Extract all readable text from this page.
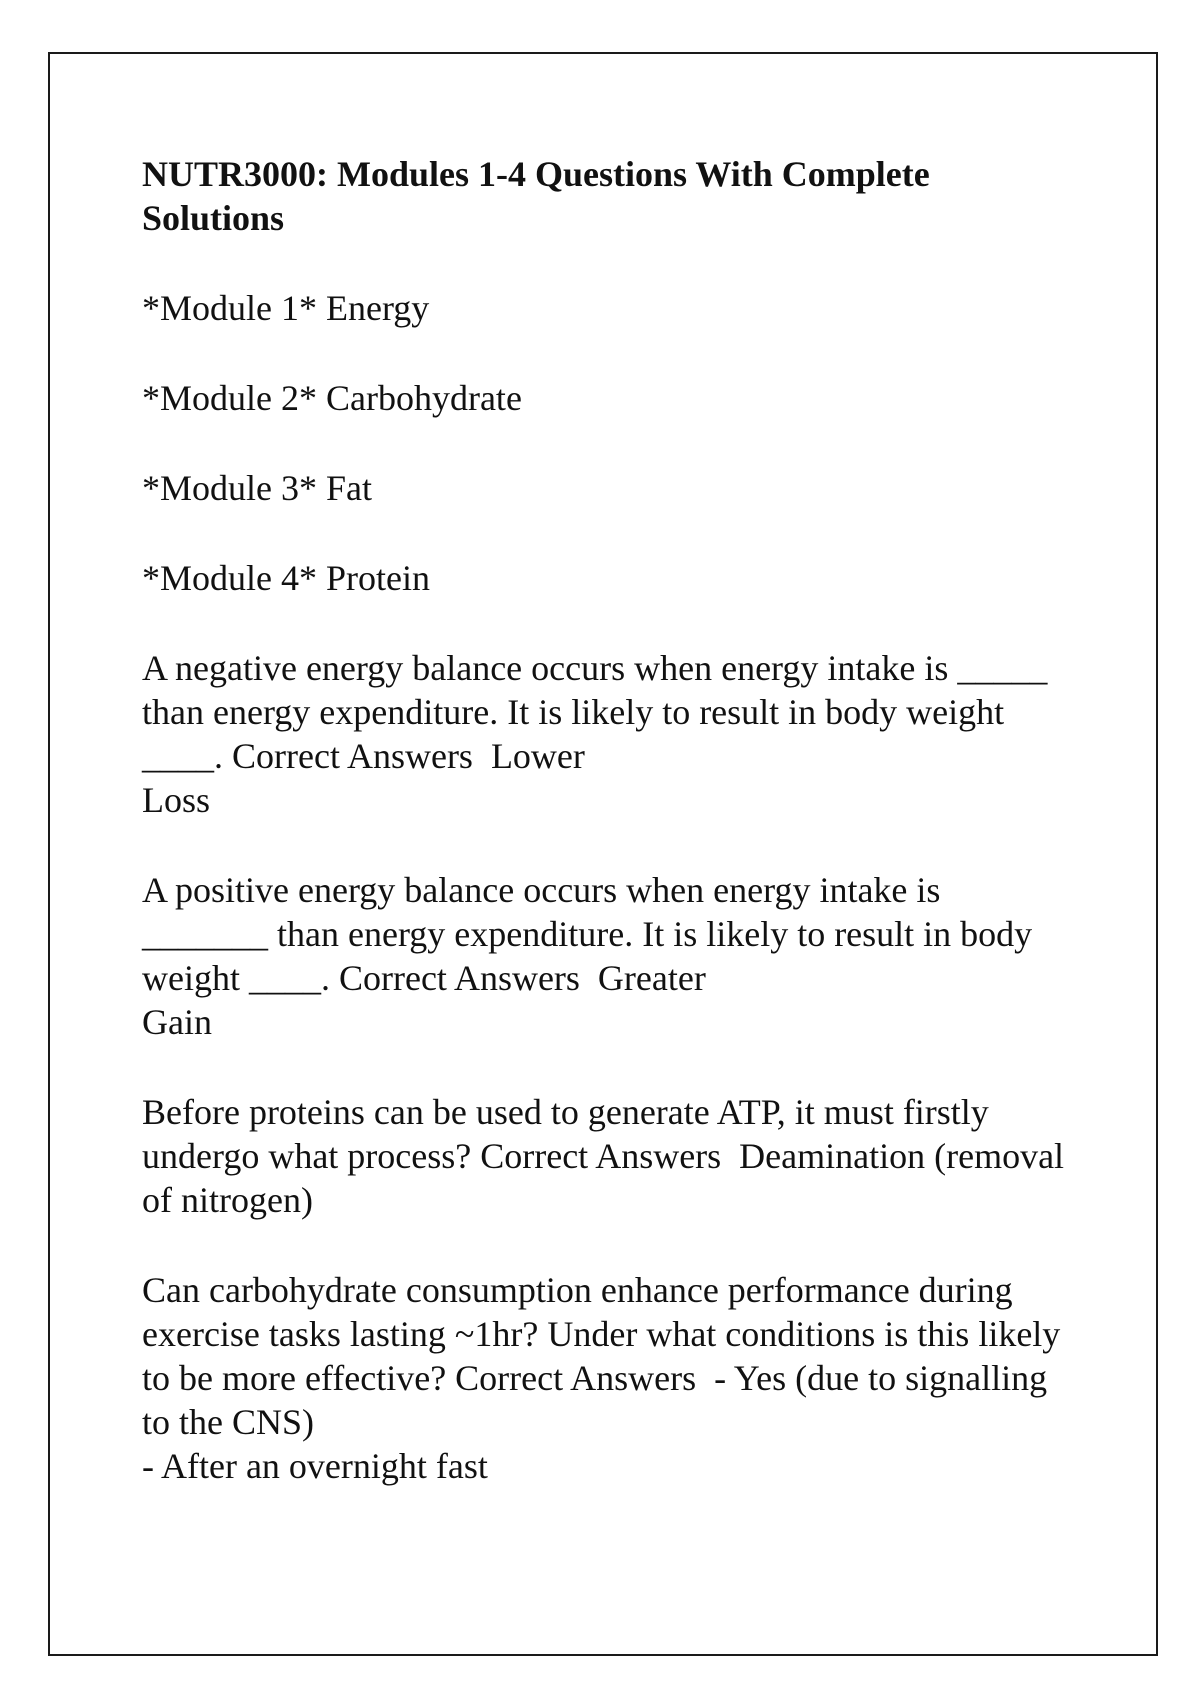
NUTR3000: Modules 1-4 Questions With Complete
Solutions
*Module 1* Energy
*Module 2* Carbohydrate
*Module 3* Fat
*Module 4* Protein
A negative energy balance occurs when energy intake is _____
than energy expenditure. It is likely to result in body weight
____. Correct Answers  Lower
Loss
A positive energy balance occurs when energy intake is
_______ than energy expenditure. It is likely to result in body
weight ____. Correct Answers  Greater
Gain
Before proteins can be used to generate ATP, it must firstly
undergo what process? Correct Answers  Deamination (removal
of nitrogen)
Can carbohydrate consumption enhance performance during
exercise tasks lasting ~1hr? Under what conditions is this likely
to be more effective? Correct Answers  - Yes (due to signalling
to the CNS)
- After an overnight fast
